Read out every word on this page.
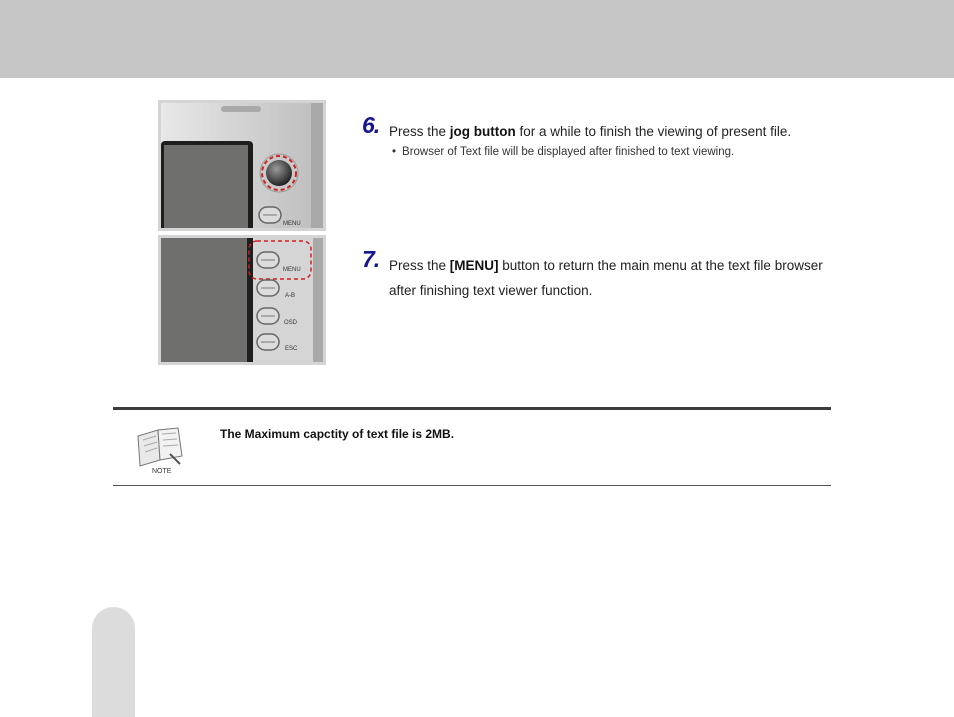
MENU
MENU
A-B
OSD
ESC
6. Press the jog button for a while to finish the viewing of present file.
• Browser of Text file will be displayed after finished to text viewing.
7. Press the [MENU] button to return the main menu at the text file browser after finishing text viewer function.
NOTE
The Maximum capctity of text file is 2MB.
